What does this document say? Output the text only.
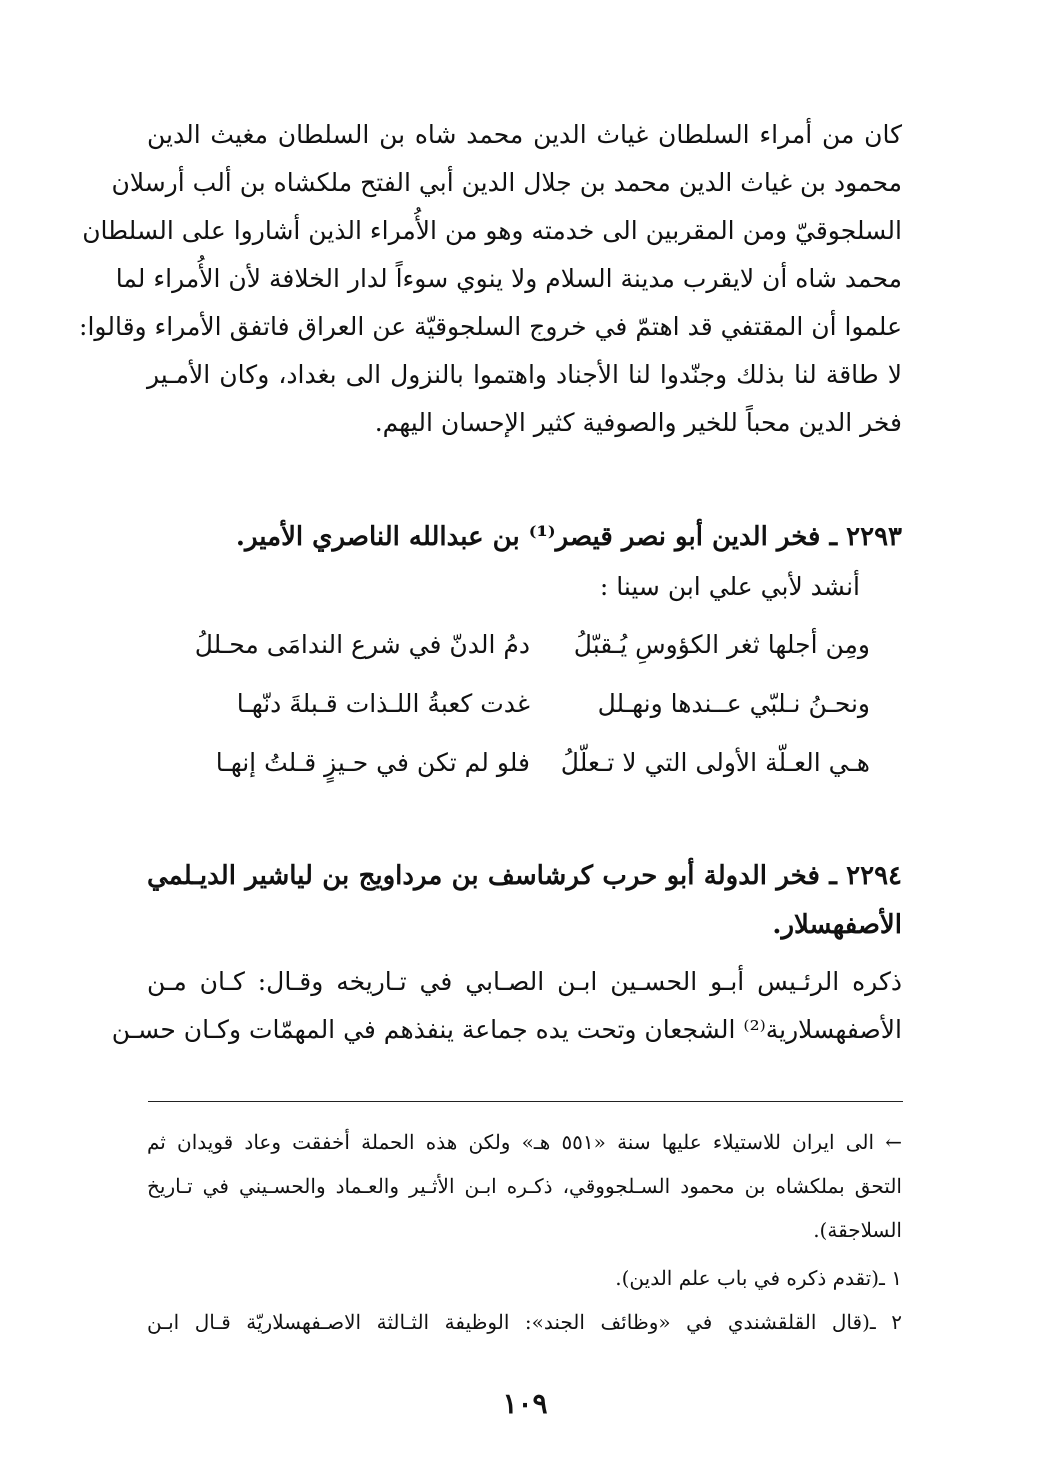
كان من أمراء السلطان غياث الدين محمد شاه بن السلطان مغيث الدين
محمود بن غياث الدين محمد بن جلال الدين أبي الفتح ملكشاه بن ألب أرسلان
السلجوقيّ ومن المقربين الى خدمته وهو من الأُمراء الذين أشاروا على السلطان
محمد شاه أن لايقرب مدينة السلام ولا ينوي سوءاً لدار الخلافة لأن الأُمراء لما
علموا أن المقتفي قد اهتمّ في خروج السلجوقيّة عن العراق فاتفق الأمراء وقالوا:
لا طاقة لنا بذلك وجنّدوا لنا الأجناد واهتموا بالنزول الى بغداد، وكان الأمـير
فخر الدين محباً للخير والصوفية كثير الإحسان اليهم.
٢٢٩٣ ـ فخر الدين أبو نصر قيصر⁽¹⁾ بن عبدالله الناصري الأمير.
أنشد لأبي علي ابن سينا :
دمُ الدنّ في شرع الندامَى محـللُ	ومِن أجلها ثغر الكؤوسِ يُـقبّلُ
غدت كعبةُ اللـذات قـبلةَ دنّهـا	ونحـنُ نـلبّي عــندها ونهـلل
فلو لم تكن في حـيزٍ قـلتُ إنهـا	هـي العـلّة الأولى التي لا تـعلّلُ
٢٢٩٤ ـ فخر الدولة أبو حرب كرشاسف بن مرداويج بن لياشير الديـلمي
الأصفهسلار.
ذكره الرئـيس أبـو الحسـين ابـن الصـابي في تـاريخه وقـال: كـان مـن
الأصفهسلارية⁽²⁾ الشجعان وتحت يده جماعة ينفذهم في المهمّات وكـان حسـن
← الى ايران للاستيلاء عليها سنة «٥٥١ هـ» ولكن هذه الحملة أخفقت وعاد قويدان ثم
التحق بملكشاه بن محمود السـلجووقي، ذكـره ابـن الأثـير والعـماد والحسـيني في تـاريخ
السلاجقة).
١ ـ(تقدم ذكره في باب علم الدين).
٢ ـ(قال القلقشندي في «وظائف الجند»: الوظيفة الثـالثة الاصـفهسلاريّة قـال ابـن
١٠٩
